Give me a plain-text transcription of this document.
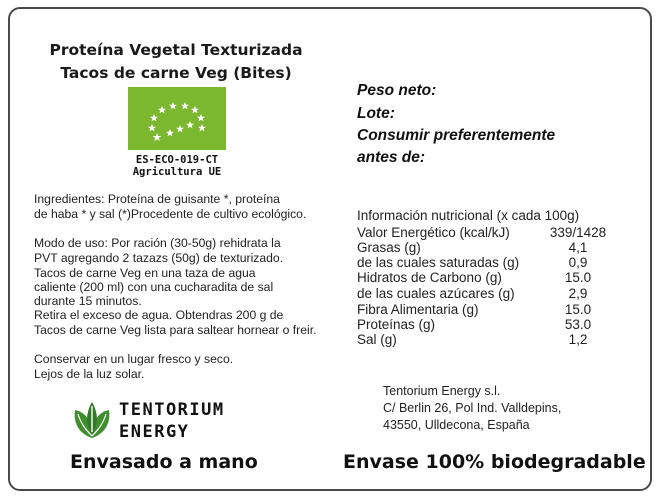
Proteína Vegetal Texturizada
Tacos de carne Veg (Bites)
ES-ECO-019-CT
Agricultura UE
Ingredientes: Proteína de guisante *, proteína
de haba * y sal (*)Procedente de cultivo ecológico.
Modo de uso: Por ración (30-50g) rehidrata la
PVT agregando 2 tazazs (50g) de texturizado.
Tacos de carne Veg en una taza de agua
caliente (200 ml) con una cucharadita de sal
durante 15 minutos.
Retira el exceso de agua. Obtendras 200 g de
Tacos de carne Veg lista para saltear hornear o freir.
Conservar en un lugar fresco y seco.
Lejos de la luz solar.
Peso neto:
Lote:
Consumir preferentemente
antes de:
Información nutricional (x cada 100g)
Valor Energético (kcal/kJ)	339/1428
Grasas (g)	4,1
de las cuales saturadas (g)	0,9
Hidratos de Carbono (g)	15.0
de las cuales azúcares (g)	2,9
Fibra Alimentaria (g)	15.0
Proteínas (g)	53.0
Sal (g)	1,2
Tentorium Energy s.l.
C/ Berlin 26, Pol Ind. Valldepins,
43550, Ulldecona, España
TENTORIUM
ENERGY
Envasado a mano	Envase 100% biodegradable
